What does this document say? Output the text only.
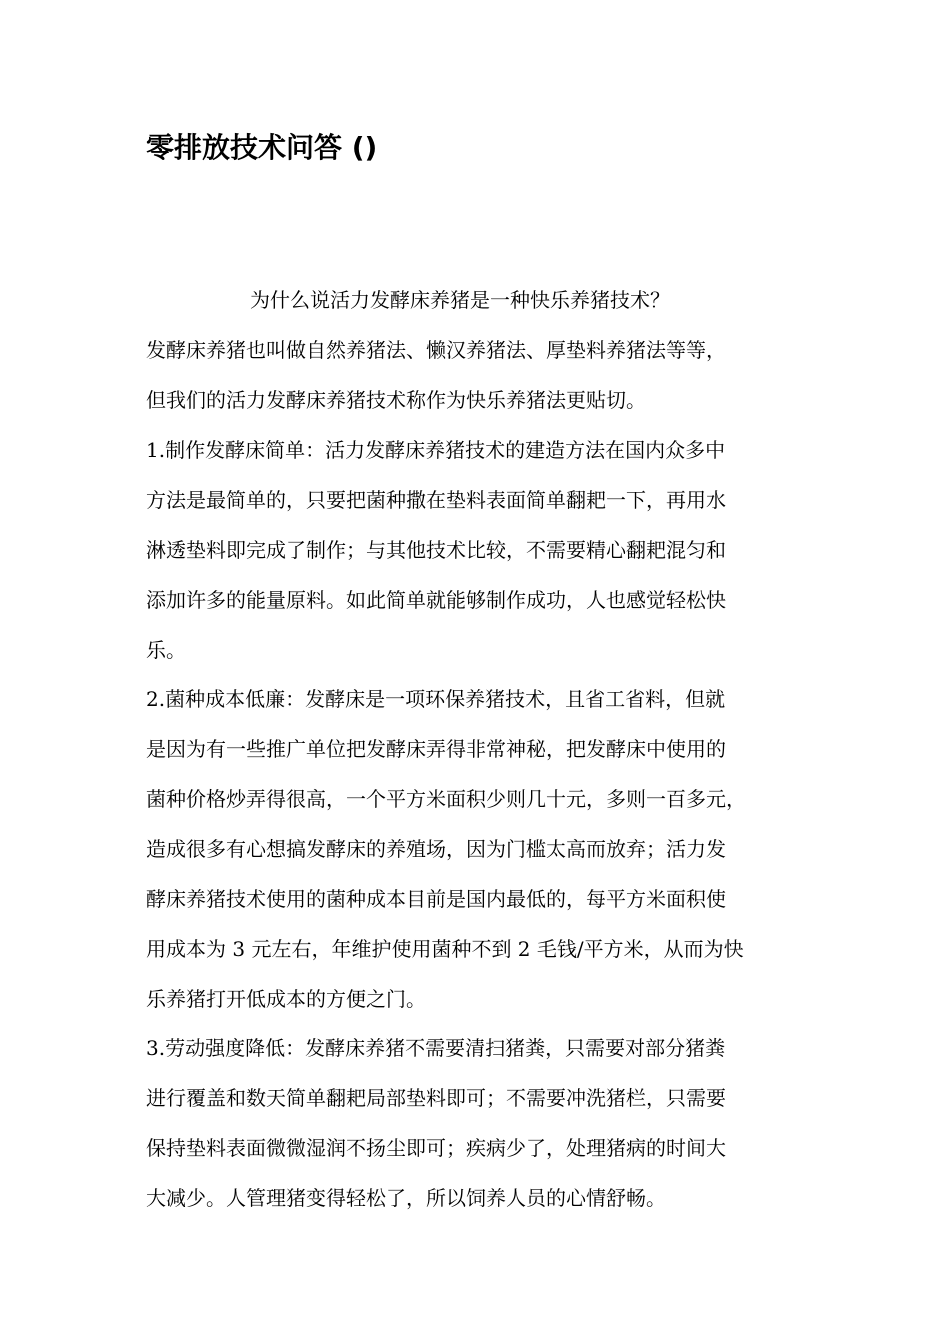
零排放技术问答 ()

为什么说活力发酵床养猪是一种快乐养猪技术？

发酵床养猪也叫做自然养猪法、懒汉养猪法、厚垫料养猪法等等，

但我们的活力发酵床养猪技术称作为快乐养猪法更贴切。

1.制作发酵床简单：活力发酵床养猪技术的建造方法在国内众多中

方法是最简单的，只要把菌种撒在垫料表面简单翻耙一下，再用水

淋透垫料即完成了制作；与其他技术比较，不需要精心翻耙混匀和

添加许多的能量原料。如此简单就能够制作成功，人也感觉轻松快

乐。

2.菌种成本低廉：发酵床是一项环保养猪技术，且省工省料，但就

是因为有一些推广单位把发酵床弄得非常神秘，把发酵床中使用的

菌种价格炒弄得很高，一个平方米面积少则几十元，多则一百多元，

造成很多有心想搞发酵床的养殖场，因为门槛太高而放弃；活力发

酵床养猪技术使用的菌种成本目前是国内最低的，每平方米面积使

用成本为 3 元左右，年维护使用菌种不到 2 毛钱/平方米，从而为快

乐养猪打开低成本的方便之门。

3.劳动强度降低：发酵床养猪不需要清扫猪粪，只需要对部分猪粪

进行覆盖和数天简单翻耙局部垫料即可；不需要冲洗猪栏，只需要

保持垫料表面微微湿润不扬尘即可；疾病少了，处理猪病的时间大

大减少。人管理猪变得轻松了，所以饲养人员的心情舒畅。
